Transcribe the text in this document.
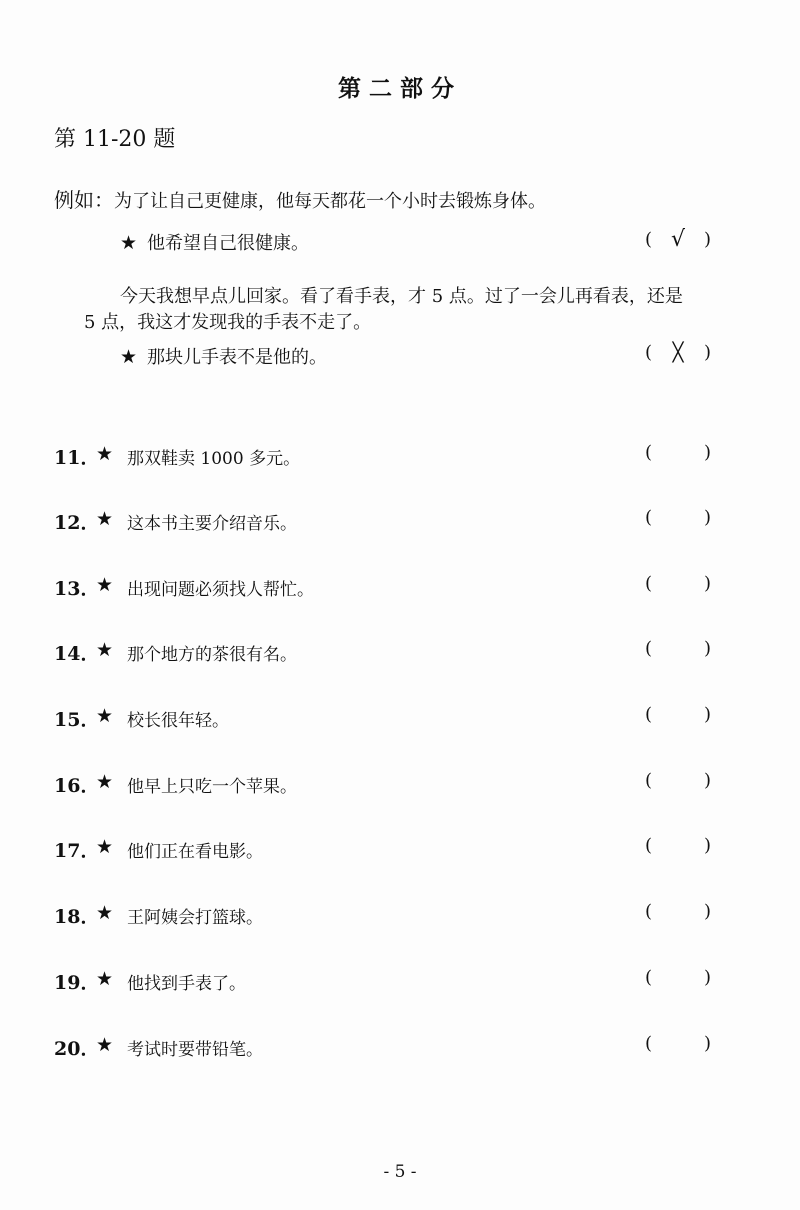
第二部分
第 11-20 题
例如：为了让自己更健康，他每天都花一个小时去锻炼身体。
★ 他希望自己很健康。	( √	)
今天我想早点儿回家。看了看手表，才 5 点。过了一会儿再看表，还是
5 点，我这才发现我的手表不走了。
★ 那块儿手表不是他的。	(	╳	)
11．
★ 那双鞋卖 1000 多元。	(	)
12．
★ 这本书主要介绍音乐。	(	)
13．
★ 出现问题必须找人帮忙。	(	)
14．
★ 那个地方的茶很有名。	(	)
15．
★ 校长很年轻。	(	)
16．
★ 他早上只吃一个苹果。	(	)
17．
★ 他们正在看电影。	(	)
18．
★ 王阿姨会打篮球。	(	)
19．
★ 他找到手表了。	(	)
20．
★ 考试时要带铅笔。	(	)
- 5 -
